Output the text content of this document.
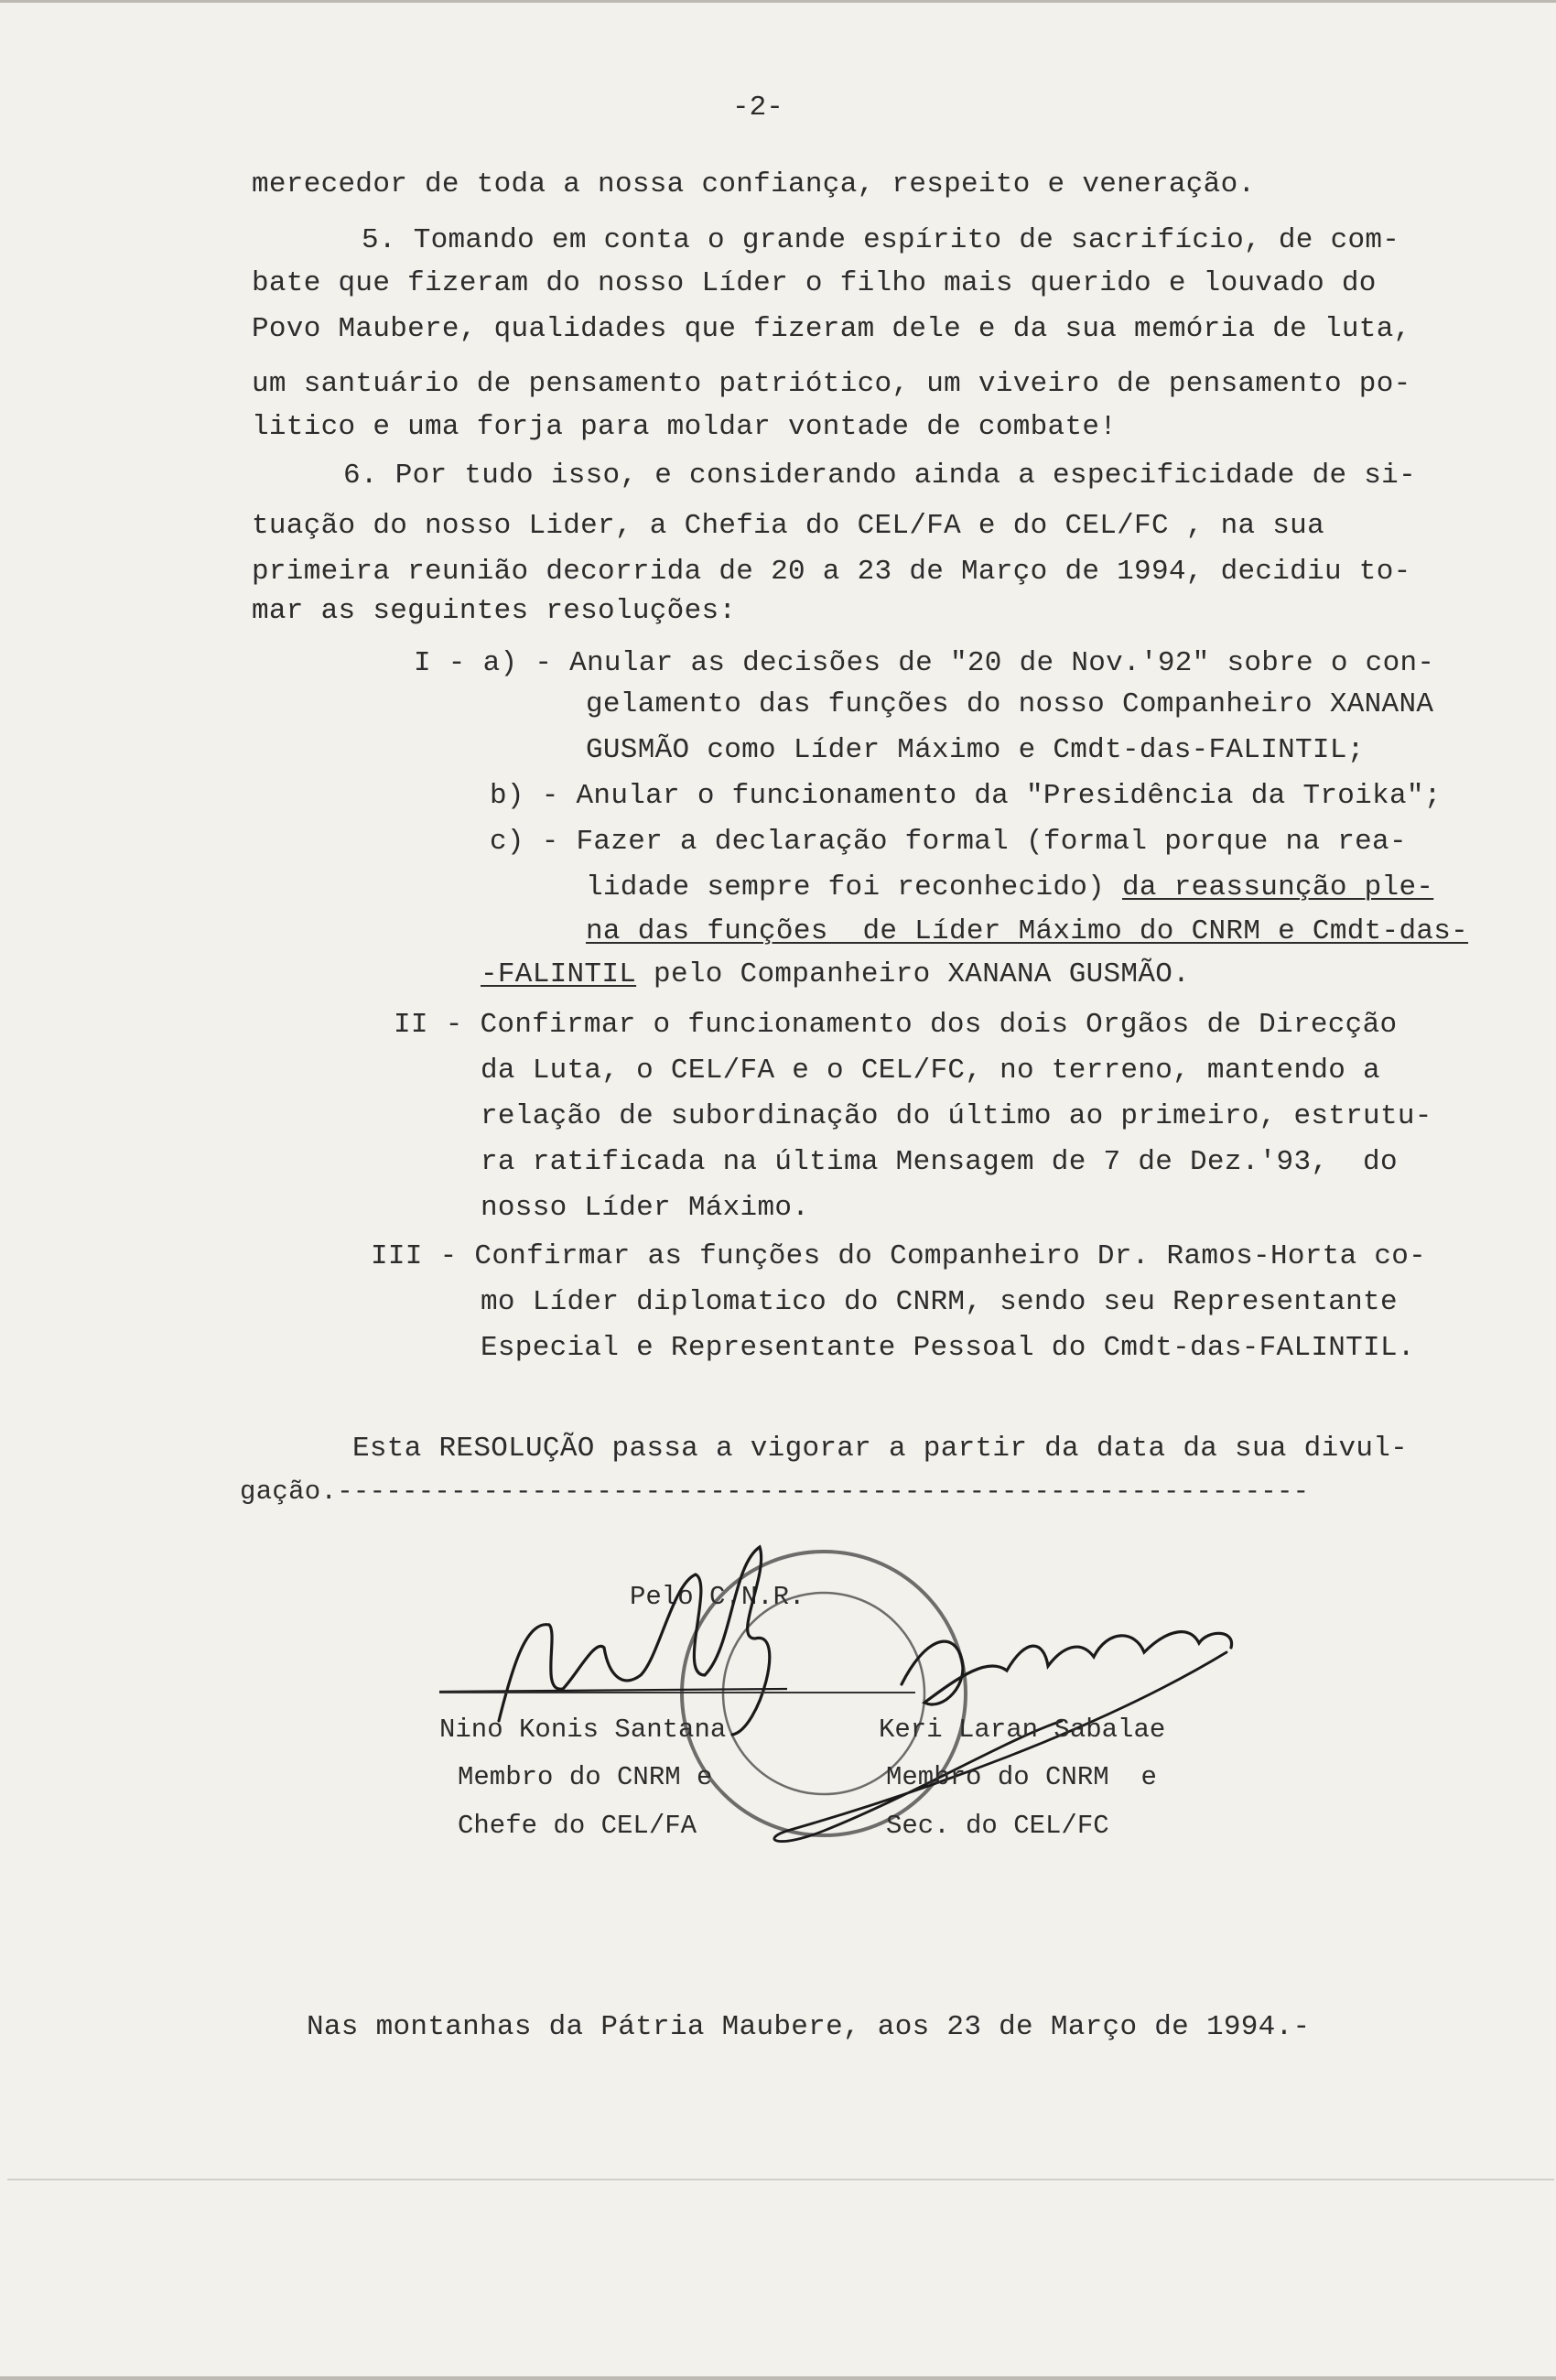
-2-
merecedor de toda a nossa confiança, respeito e veneração.
5. Tomando em conta o grande espírito de sacrifício, de com-
bate que fizeram do nosso Líder o filho mais querido e louvado do
Povo Maubere, qualidades que fizeram dele e da sua memória de luta,
um santuário de pensamento patriótico, um viveiro de pensamento po-
litico e uma forja para moldar vontade de combate!
6. Por tudo isso, e considerando ainda a especificidade de si-
tuação do nosso Lider, a Chefia do CEL/FA e do CEL/FC , na sua
primeira reunião decorrida de 20 a 23 de Março de 1994, decidiu to-
mar as seguintes resoluções:
I - a) - Anular as decisões de "20 de Nov.'92" sobre o con-
gelamento das funções do nosso Companheiro XANANA
GUSMÃO como Líder Máximo e Cmdt-das-FALINTIL;
b) - Anular o funcionamento da "Presidência da Troika";
c) - Fazer a declaração formal (formal porque na rea-
lidade sempre foi reconhecido) da reassunção ple-
na das funções  de Líder Máximo do CNRM e Cmdt-das-
-FALINTIL pelo Companheiro XANANA GUSMÃO.
II - Confirmar o funcionamento dos dois Orgãos de Direcção
da Luta, o CEL/FA e o CEL/FC, no terreno, mantendo a
relação de subordinação do último ao primeiro, estrutu-
ra ratificada na última Mensagem de 7 de Dez.'93,  do
nosso Líder Máximo.
III - Confirmar as funções do Companheiro Dr. Ramos-Horta co-
mo Líder diplomatico do CNRM, sendo seu Representante
Especial e Representante Pessoal do Cmdt-das-FALINTIL.
Esta RESOLUÇÃO passa a vigorar a partir da data da sua divul-
gação.------------------------------------------------------------
Pelo C.N.R.
Nino Konis Santana
Membro do CNRM e
Chefe do CEL/FA
Keri Laran Sabalae
Membro do CNRM  e
Sec. do CEL/FC
Nas montanhas da Pátria Maubere, aos 23 de Março de 1994.-
